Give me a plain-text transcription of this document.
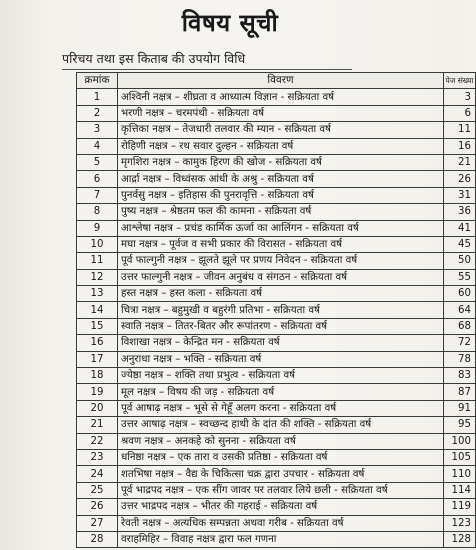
विषय सूची
परिचय तथा इस किताब की उपयोग विधि
क्रमांक	विवरण	पेज संख्या
1	अश्विनी नक्षत्र – शीघ्रता व आध्यात्म विज्ञान - सक्रियता वर्ष	3
2	भरणी नक्षत्र – चरमपंथी - सक्रियता वर्ष	6
3	कृत्तिका नक्षत्र – तेजधारी तलवार की म्यान - सक्रियता वर्ष	11
4	रोहिणी नक्षत्र – रथ सवार दुल्हन - सक्रियता वर्ष	16
5	मृगशिरा नक्षत्र – कामुक हिरण की खोज - सक्रियता वर्ष	21
6	आर्द्रा नक्षत्र – विध्वंसक आंधी के अश्रु - सक्रियता वर्ष	26
7	पुनर्वसु नक्षत्र – इतिहास की पुनरावृत्ति - सक्रियता वर्ष	31
8	पुष्य नक्षत्र – श्रेष्ठतम फल की कामना - सक्रियता वर्ष	36
9	आश्लेषा नक्षत्र – प्रचंड कार्मिक ऊर्जा का आलिंगन - सक्रियता वर्ष	41
10	मघा नक्षत्र – पूर्वज व सभी प्रकार की विरासत - सक्रियता वर्ष	45
11	पूर्व फाल्गुनी नक्षत्र – झूलते झूले पर प्रणय निवेदन - सक्रियता वर्ष	50
12	उत्तर फाल्गुनी नक्षत्र – जीवन अनुबंध व संगठन - सक्रियता वर्ष	55
13	हस्त नक्षत्र – हस्त कला - सक्रियता वर्ष	60
14	चित्रा नक्षत्र – बहुमुखी व बहुरंगी प्रतिभा - सक्रियता वर्ष	64
15	स्वाति नक्षत्र – तितर-बितर और रूपांतरण - सक्रियता वर्ष	68
16	विशाखा नक्षत्र – केन्द्रित मन - सक्रियता वर्ष	72
17	अनुराधा नक्षत्र – भक्ति - सक्रियता वर्ष	78
18	ज्येष्ठा नक्षत्र – शक्ति तथा प्रभुत्व - सक्रियता वर्ष	83
19	मूल नक्षत्र – विषय की जड़ - सक्रियता वर्ष	87
20	पूर्व आषाढ़ नक्षत्र – भूसे से गेहूँ अलग करना - सक्रियता वर्ष	91
21	उत्तर आषाढ़ नक्षत्र – स्वच्छन्द हाथी के दांत की शक्ति - सक्रियता वर्ष	95
22	श्रवण नक्षत्र – अनकहे को सुनना - सक्रियता वर्ष	100
23	धनिष्ठा नक्षत्र – एक तारा व उसकी प्रतिष्ठा - सक्रियता वर्ष	105
24	शतभिषा नक्षत्र – वैद्य के चिकित्सा चक्र द्वारा उपचार - सक्रियता वर्ष	110
25	पूर्व भाद्रपद नक्षत्र – एक सींग जावर पर तलवार लिये छली - सक्रियता वर्ष	114
26	उत्तर भाद्रपद नक्षत्र – भीतर की गहराई - सक्रियता वर्ष	119
27	रेवती नक्षत्र – अत्यधिक सम्पन्नता अथवा गरीब - सक्रियता वर्ष	123
28	वराहमिहिर – विवाह नक्षत्र द्वारा फल गणना	128
